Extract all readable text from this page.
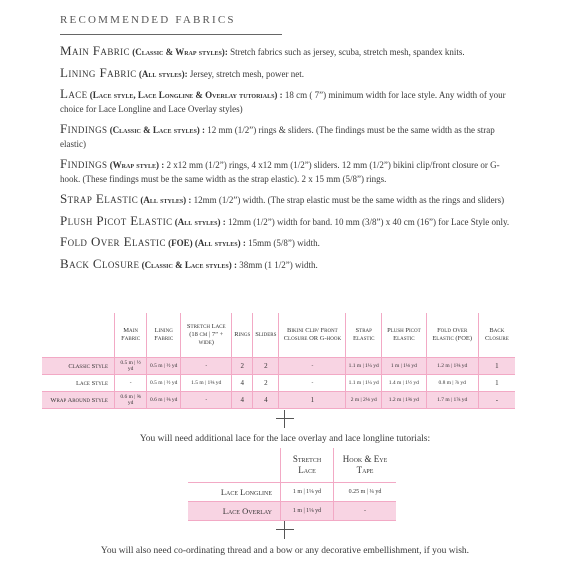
RECOMMENDED FABRICS
Main Fabric (Classic & Wrap styles): Stretch fabrics such as jersey, scuba, stretch mesh, spandex knits.
Lining Fabric (All styles): Jersey, stretch mesh, power net.
Lace (Lace style, Lace Longline & Overlay tutorials) : 18 cm ( 7”) minimum width for lace style. Any width of your choice for Lace Longline and Lace Overlay styles)
Findings (Classic & Lace styles) : 12 mm (1/2”) rings & sliders. (The findings must be the same width as the strap elastic)
Findings (Wrap style) : 2 x12 mm (1/2”) rings, 4 x12 mm (1/2”) sliders. 12 mm (1/2”) bikini clip/front closure or G-hook. (These findings must be the same width as the strap elastic). 2 x 15 mm (5/8”) rings.
Strap Elastic (All styles) : 12mm (1/2”) width. (The strap elastic must be the same width as the rings and sliders)
Plush Picot Elastic (All styles) : 12mm (1/2”) width for band. 10 mm (3/8”) x 40 cm (16”) for Lace Style only.
Fold Over Elastic (FOE) (All styles) : 15mm (5/8”) width.
Back Closure (Classic & Lace styles) : 38mm (1 1/2”) width.
	Main Fabric	Lining Fabric	Stretch Lace (18 cm | 7” + wide)	Rings	Sliders	Bikini Clip/ Front Closure OR G-hook	Strap Elastic	Plush Picot Elastic	Fold Over Elastic (FOE)	Back Closure
Classic Style	0.5 m | ½ yd	0.5 m | ½ yd	-	2	2	-	1.1 m | 1¼ yd	1 m | 1⅛ yd	1.2 m | 1⅜ yd	1
Lace Style	-	0.5 m | ½ yd	1.5 m | 1⅝ yd	4	2	-	1.1 m | 1¼ yd	1.4 m | 1½ yd	0.8 m | ⅞ yd	1
Wrap Around Style	0.6 m | ⅝ yd	0.6 m | ⅝ yd	-	4	4	1	2 m | 2⅛ yd	1.2 m | 1⅜ yd	1.7 m | 1⅞ yd	-
You will need additional lace for the lace overlay and lace longline tutorials:
	Stretch Lace	Hook & Eye Tape
Lace Longline	1 m | 1⅛ yd	0.25 m | ¼ yd
Lace Overlay	1 m | 1⅛ yd	-
You will also need co-ordinating thread and a bow or any decorative embellishment, if you wish.
